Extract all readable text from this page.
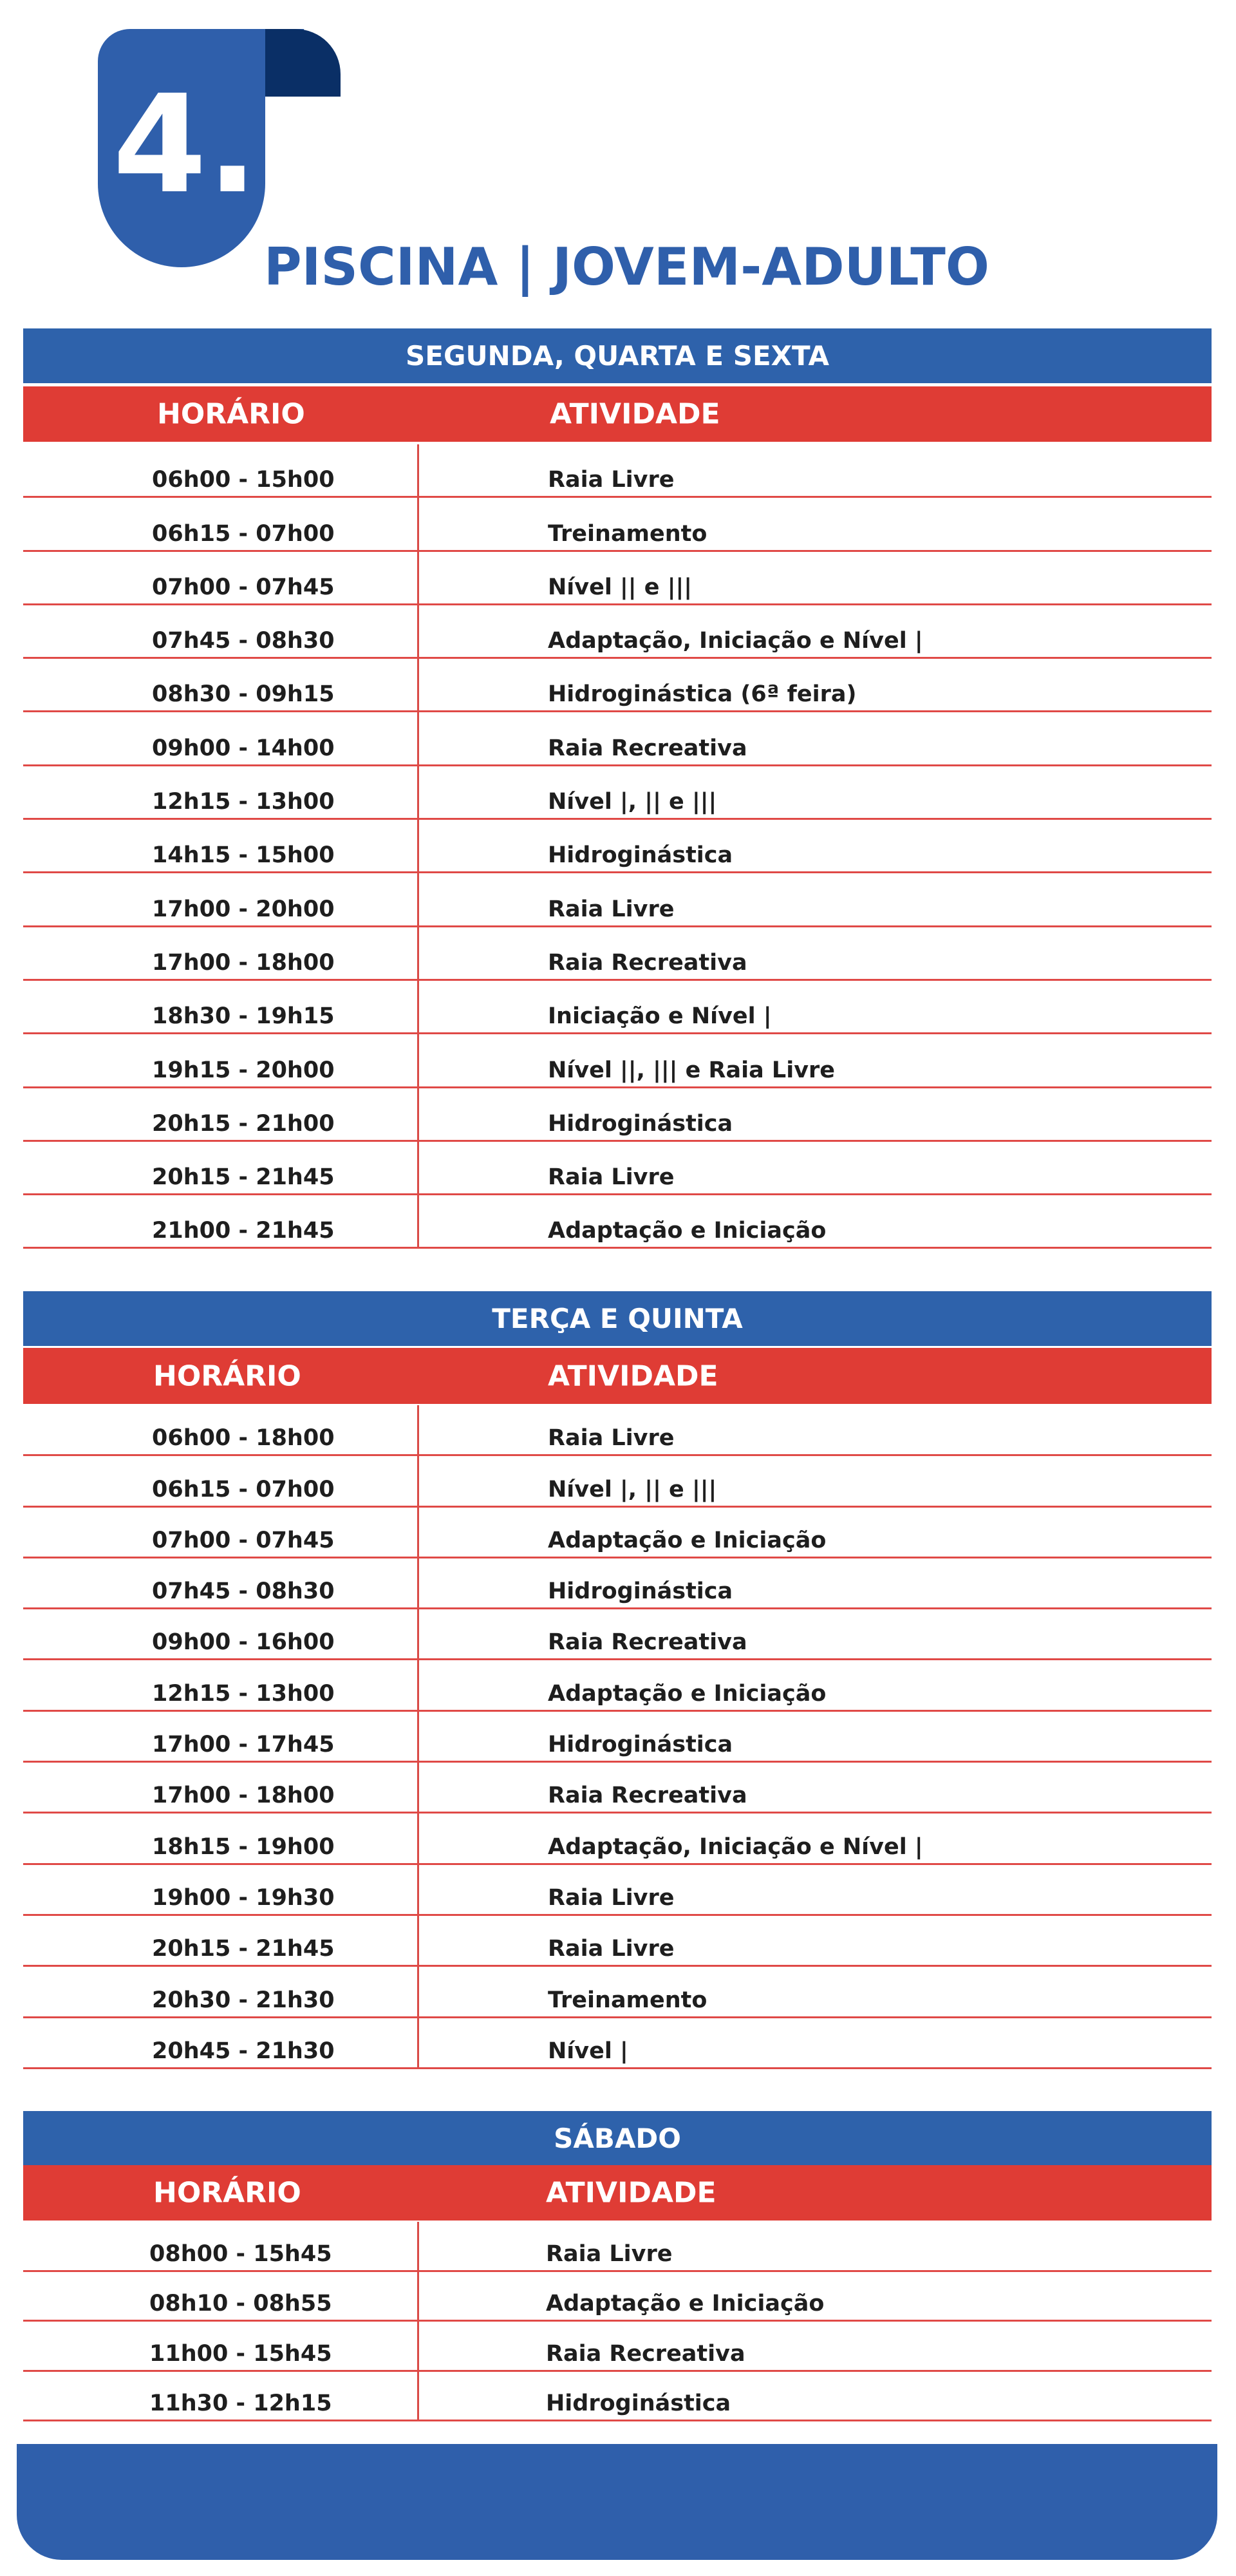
4.
PISCINA | JOVEM-ADULTO
SEGUNDA, QUARTA E SEXTA
HORÁRIO	ATIVIDADE
06h00 - 15h00	Raia Livre
06h15 - 07h00	Treinamento
07h00 - 07h45	Nível || e |||
07h45 - 08h30	Adaptação, Iniciação e Nível |
08h30 - 09h15	Hidroginástica (6ª feira)
09h00 - 14h00	Raia Recreativa
12h15 - 13h00	Nível |, || e |||
14h15 - 15h00	Hidroginástica
17h00 - 20h00	Raia Livre
17h00 - 18h00	Raia Recreativa
18h30 - 19h15	Iniciação e Nível |
19h15 - 20h00	Nível ||, ||| e Raia Livre
20h15 - 21h00	Hidroginástica
20h15 - 21h45	Raia Livre
21h00 - 21h45	Adaptação e Iniciação
TERÇA E QUINTA
HORÁRIO	ATIVIDADE
06h00 - 18h00	Raia Livre
06h15 - 07h00	Nível |, || e |||
07h00 - 07h45	Adaptação e Iniciação
07h45 - 08h30	Hidroginástica
09h00 - 16h00	Raia Recreativa
12h15 - 13h00	Adaptação e Iniciação
17h00 - 17h45	Hidroginástica
17h00 - 18h00	Raia Recreativa
18h15 - 19h00	Adaptação, Iniciação e Nível |
19h00 - 19h30	Raia Livre
20h15 - 21h45	Raia Livre
20h30 - 21h30	Treinamento
20h45 - 21h30	Nível |
SÁBADO
HORÁRIO	ATIVIDADE
08h00 - 15h45	Raia Livre
08h10 - 08h55	Adaptação e Iniciação
11h00 - 15h45	Raia Recreativa
11h30 - 12h15	Hidroginástica
